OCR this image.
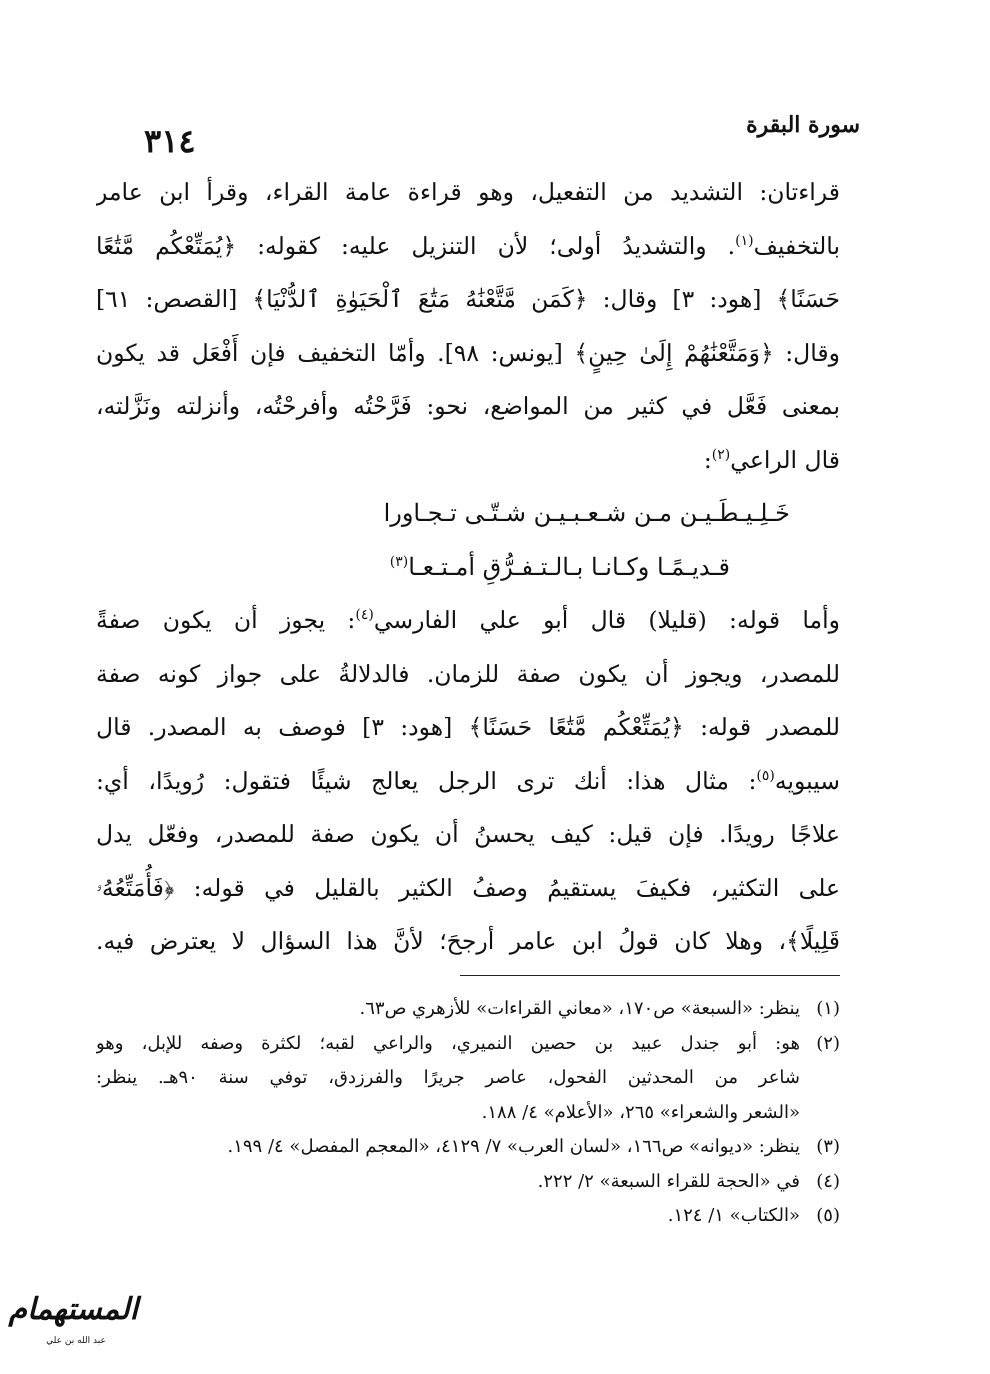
٣١٤	سورة البقرة
قراءتان: التشديد من التفعيل، وهو قراءة عامة القراء، وقرأ ابن عامر
بالتخفيف$^{(١)}$. والتشديدُ أولى؛ لأن التنزيل عليه: كقوله: ﴿يُمَتِّعْكُم مَّتَٰعًا
حَسَنًا﴾ [هود: ٣] وقال: ﴿كَمَن مَّتَّعْنَٰهُ مَتَٰعَ ٱلْحَيَوٰةِ ٱلدُّنْيَا﴾ [القصص: ٦١]
وقال: ﴿وَمَتَّعْنَٰهُمْ إِلَىٰ حِينٍ﴾ [يونس: ٩٨]. وأمّا التخفيف فإن أَفْعَل قد يكون
بمعنى فَعَّل في كثير من المواضع، نحو: فَرَّحْتُه وأفرحْتُه، وأنزلته ونَزَّلته،
قال الراعي$^{(٢)}$:
خَـلِـيـطَـيـن مـن شـعـبـيـن شـتّـى تـجـاورا
قـديـمًـا وكـانـا بـالـتـفـرُّقِ أمـتـعـا$^{(٣)}$
وأما قوله: (قليلا) قال أبو علي الفارسي$^{(٤)}$: يجوز أن يكون صفةً
للمصدر، ويجوز أن يكون صفة للزمان. فالدلالةُ على جواز كونه صفة
للمصدر قوله: ﴿يُمَتِّعْكُم مَّتَٰعًا حَسَنًا﴾ [هود: ٣] فوصف به المصدر. قال
سيبويه$^{(٥)}$: مثال هذا: أنك ترى الرجل يعالج شيئًا فتقول: رُويدًا، أي:
علاجًا رويدًا. فإن قيل: كيف يحسنُ أن يكون صفة للمصدر، وفعّل يدل
على التكثير، فكيفَ يستقيمُ وصفُ الكثير بالقليل في قوله: ﴿فَأُمَتِّعُهُۥ
قَلِيلًا﴾، وهلا كان قولُ ابن عامر أرجحَ؛ لأنَّ هذا السؤال لا يعترض فيه.
(١)
ينظر: «السبعة» ص١٧٠، «معاني القراءات» للأزهري ص٦٣.
(٢)
هو: أبو جندل عبيد بن حصين النميري، والراعي لقبه؛ لكثرة وصفه للإبل، وهو
شاعر من المحدثين الفحول، عاصر جريرًا والفرزدق، توفي سنة ٩٠هـ. ينظر:
«الشعر والشعراء» ٢٦٥، «الأعلام» ٤/ ١٨٨.
(٣)
ينظر: «ديوانه» ص١٦٦، «لسان العرب» ٧/ ٤١٢٩، «المعجم المفصل» ٤/ ١٩٩.
(٤)
في «الحجة للقراء السبعة» ٢/ ٢٢٢.
(٥)
«الكتاب» ١/ ١٢٤.
المستهمام
عبد الله بن علي
